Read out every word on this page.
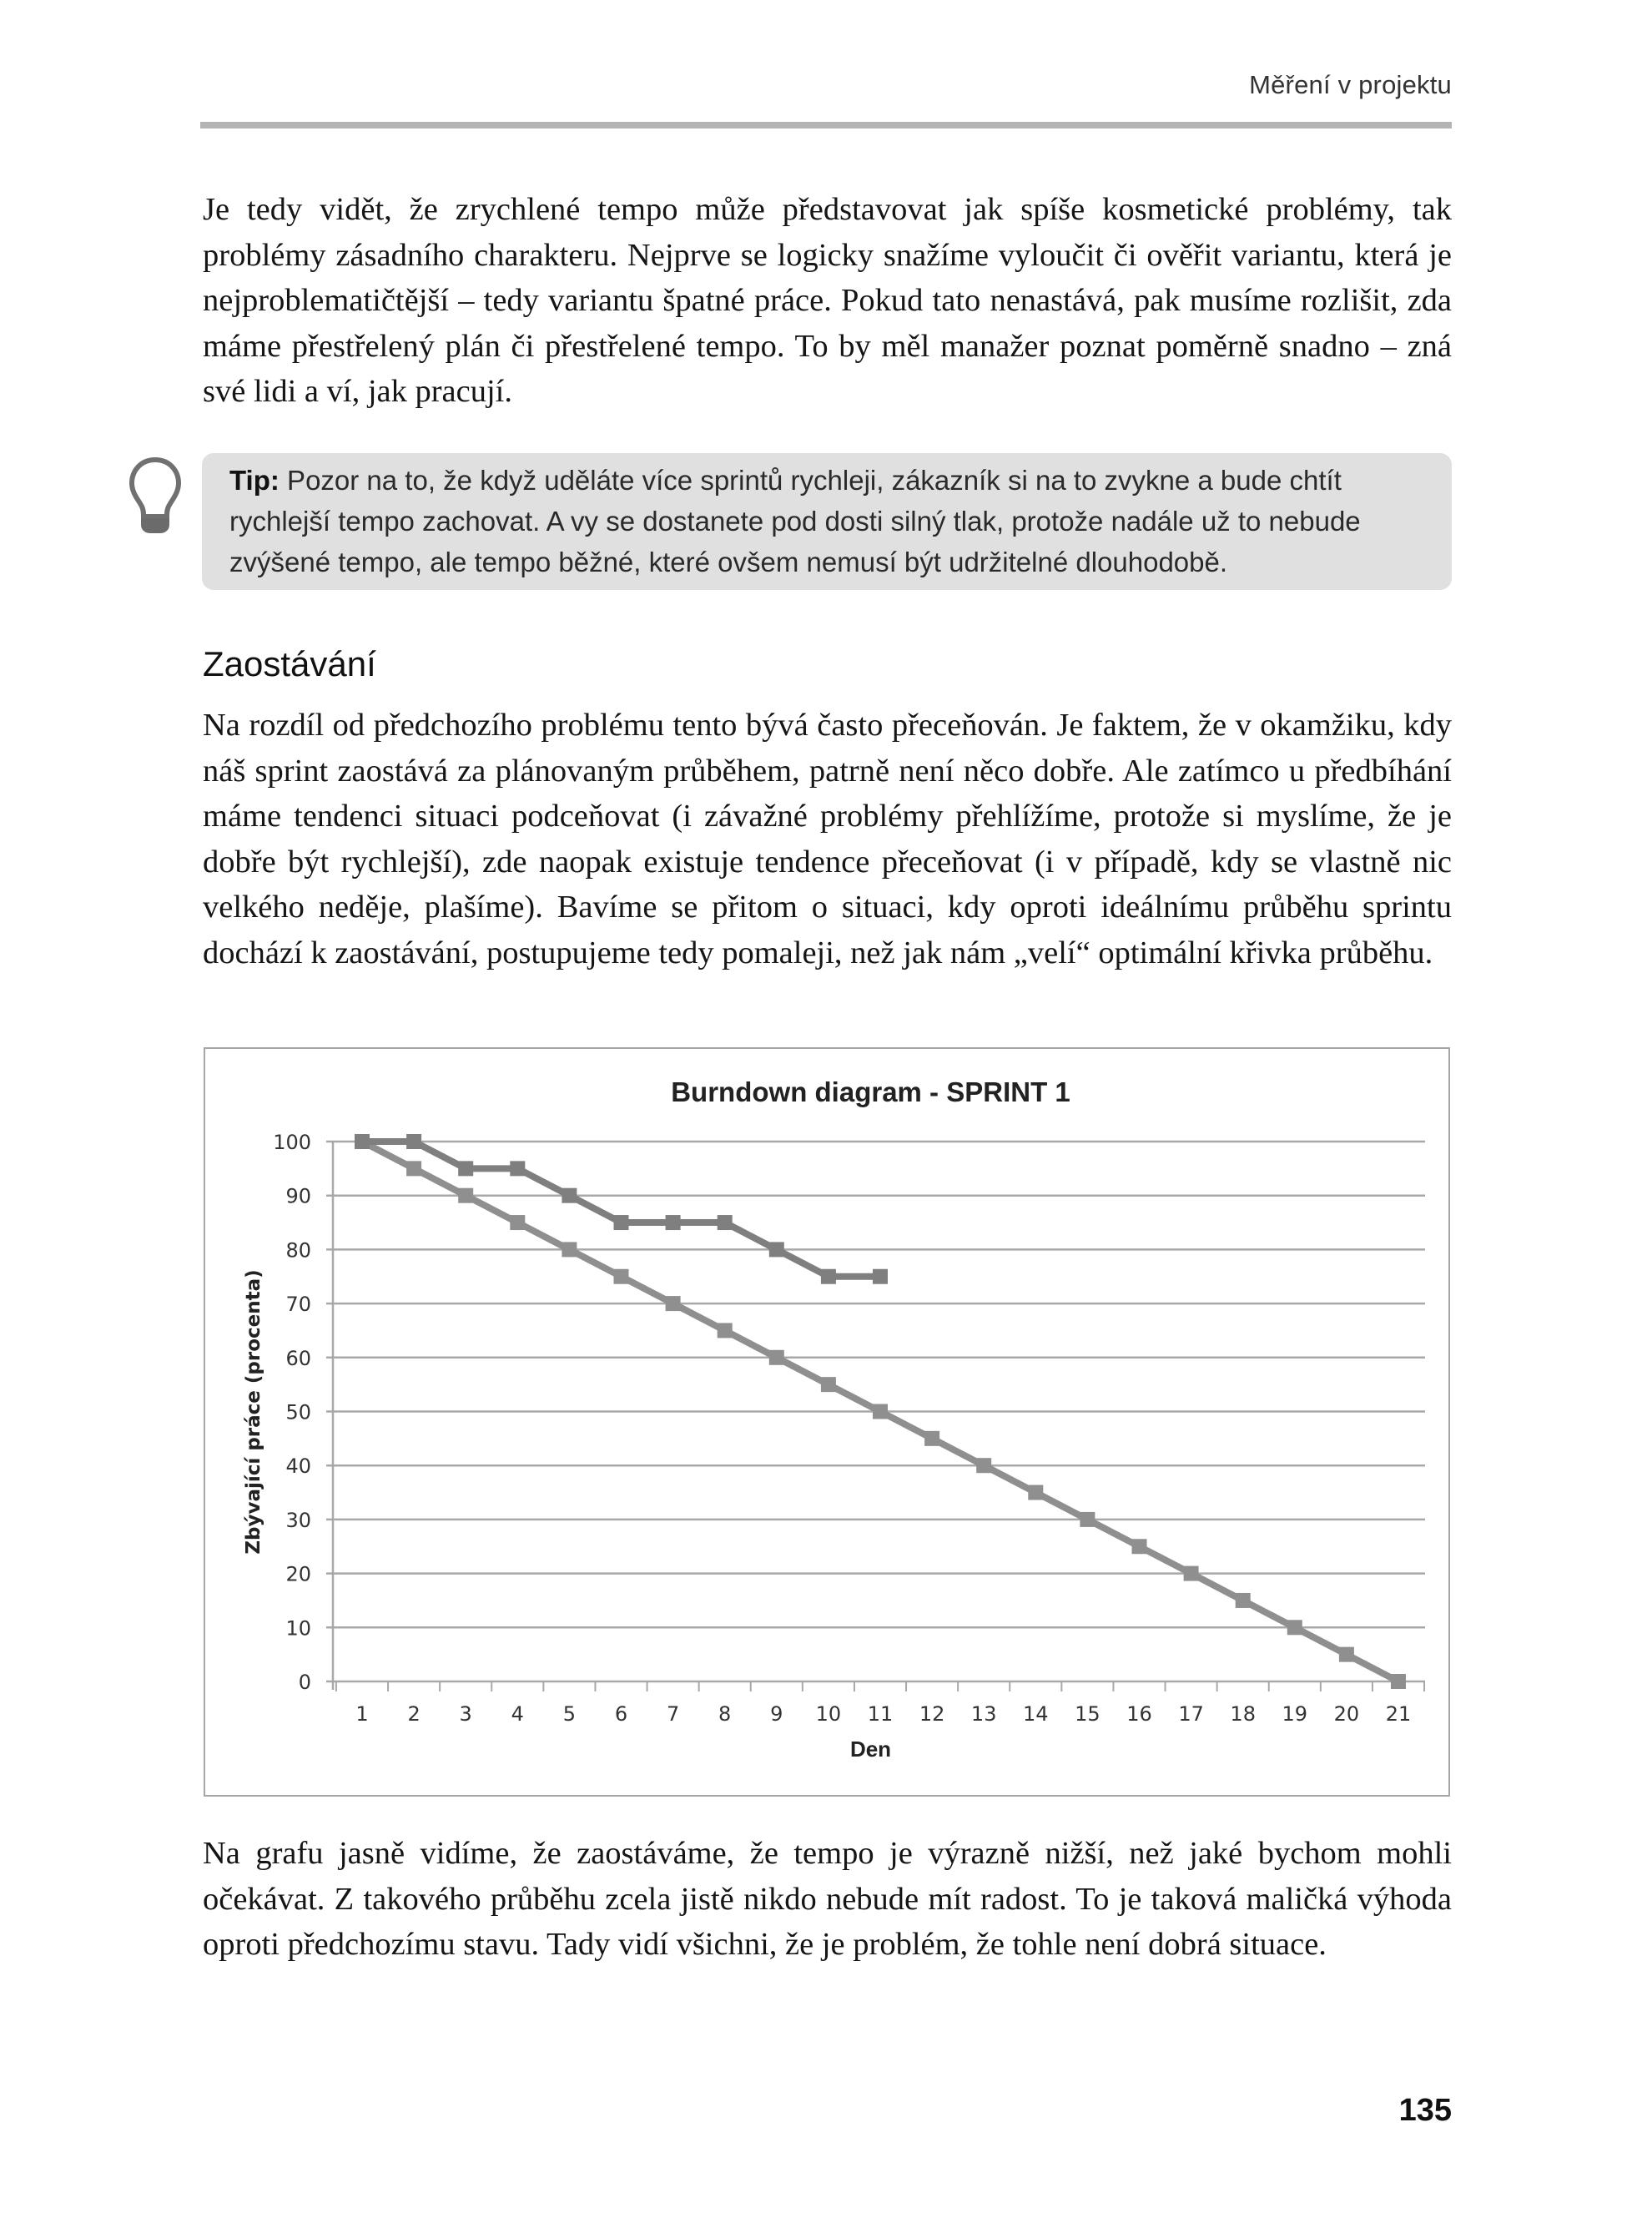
Měření v projektu

Je tedy vidět, že zrychlené tempo může představovat jak spíše kosmetické problémy, tak problémy zásadního charakteru. Nejprve se logicky snažíme vyloučit či ověřit variantu, která je nejproblematičtější – tedy variantu špatné práce. Pokud tato nenastává, pak musíme rozlišit, zda máme přestřelený plán či přestřelené tempo. To by měl manažer poznat poměrně snadno – zná své lidi a ví, jak pracují.

Tip: Pozor na to, že když uděláte více sprintů rychleji, zákazník si na to zvykne a bude chtít rychlejší tempo zachovat. A vy se dostanete pod dosti silný tlak, protože nadále už to nebude zvýšené tempo, ale tempo běžné, které ovšem nemusí být udržitelné dlouhodobě.

Zaostávání

Na rozdíl od předchozího problému tento bývá často přeceňován. Je faktem, že v okamžiku, kdy náš sprint zaostává za plánovaným průběhem, patrně není něco dobře. Ale zatímco u předbíhání máme tendenci situaci podceňovat (i závažné problémy přehlížíme, protože si myslíme, že je dobře být rychlejší), zde naopak existuje tendence přeceňovat (i v případě, kdy se vlastně nic velkého neděje, plašíme). Bavíme se přitom o situaci, kdy oproti ideálnímu průběhu sprintu dochází k zaostávání, postupujeme tedy pomaleji, než jak nám „velí“ optimální křivka průběhu.

Burndown diagram - SPRINT 1
0
10
20
30
40
50
60
70
80
90
100
1 2 3 4 5 6 7 8 9 10 11 12 13 14 15 16 17 18 19 20 21
Den
Zbývající práce (procenta)

Na grafu jasně vidíme, že zaostáváme, že tempo je výrazně nižší, než jaké bychom mohli očekávat. Z takového průběhu zcela jistě nikdo nebude mít radost. To je taková maličká výhoda oproti předchozímu stavu. Tady vidí všichni, že je problém, že tohle není dobrá situace.

135
